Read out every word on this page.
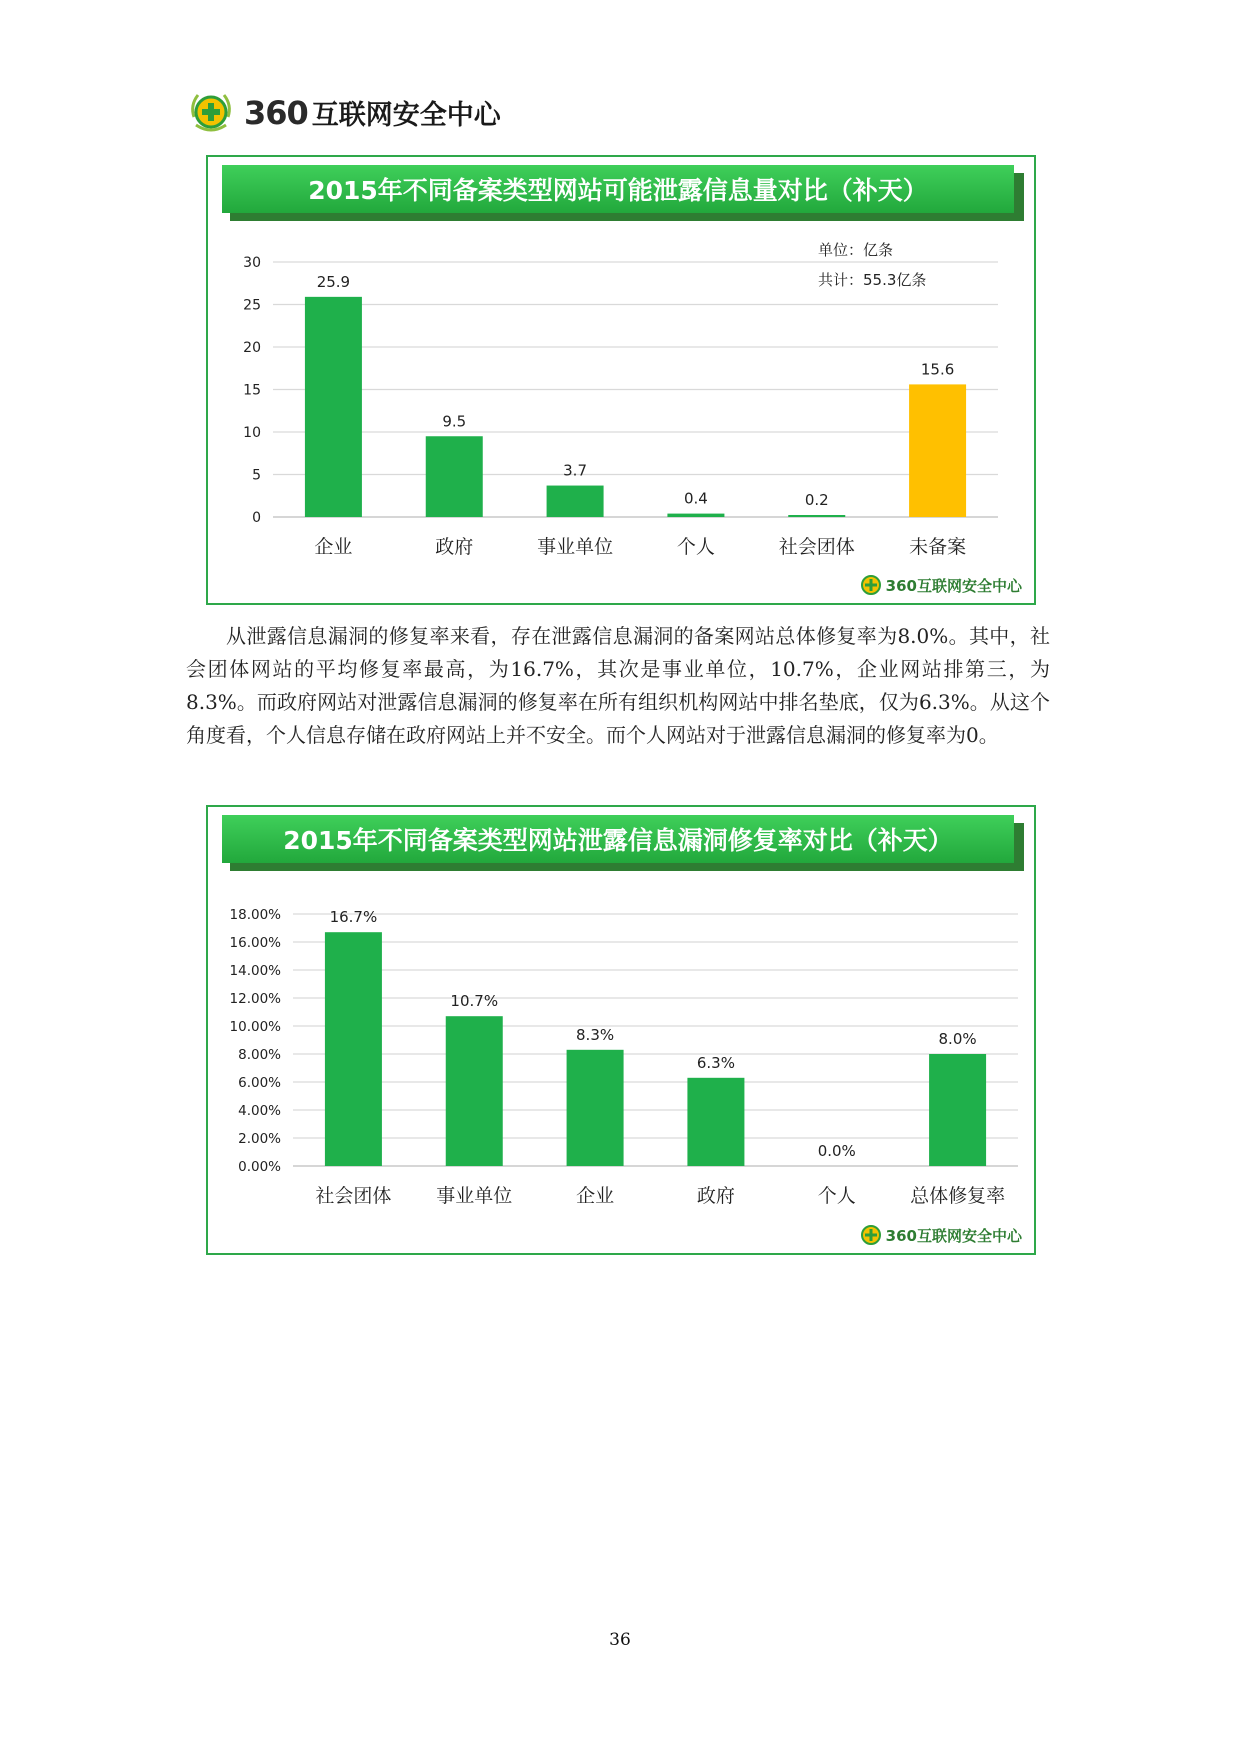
360 互联网安全中心
2015年不同备案类型网站可能泄露信息量对比（补天）
0
5
10
15
20
25
30
25.9
企业
9.5
政府
3.7
事业单位
0.4
个人
0.2
社会团体
15.6
未备案
单位：亿条
共计：55.3亿条
360互联网安全中心
从泄露信息漏洞的修复率来看，存在泄露信息漏洞的备案网站总体修复率为8.0%。其中，社会团体网站的平均修复率最高，为16.7%，其次是事业单位，10.7%，企业网站排第三，为8.3%。而政府网站对泄露信息漏洞的修复率在所有组织机构网站中排名垫底，仅为6.3%。从这个角度看，个人信息存储在政府网站上并不安全。而个人网站对于泄露信息漏洞的修复率为0。
2015年不同备案类型网站泄露信息漏洞修复率对比（补天）
0.00%
2.00%
4.00%
6.00%
8.00%
10.00%
12.00%
14.00%
16.00%
18.00%	16.7%
社会团体
10.7%
事业单位
8.3%
企业
6.3%
政府
0.0%
个人
8.0%
总体修复率
360互联网安全中心
36
